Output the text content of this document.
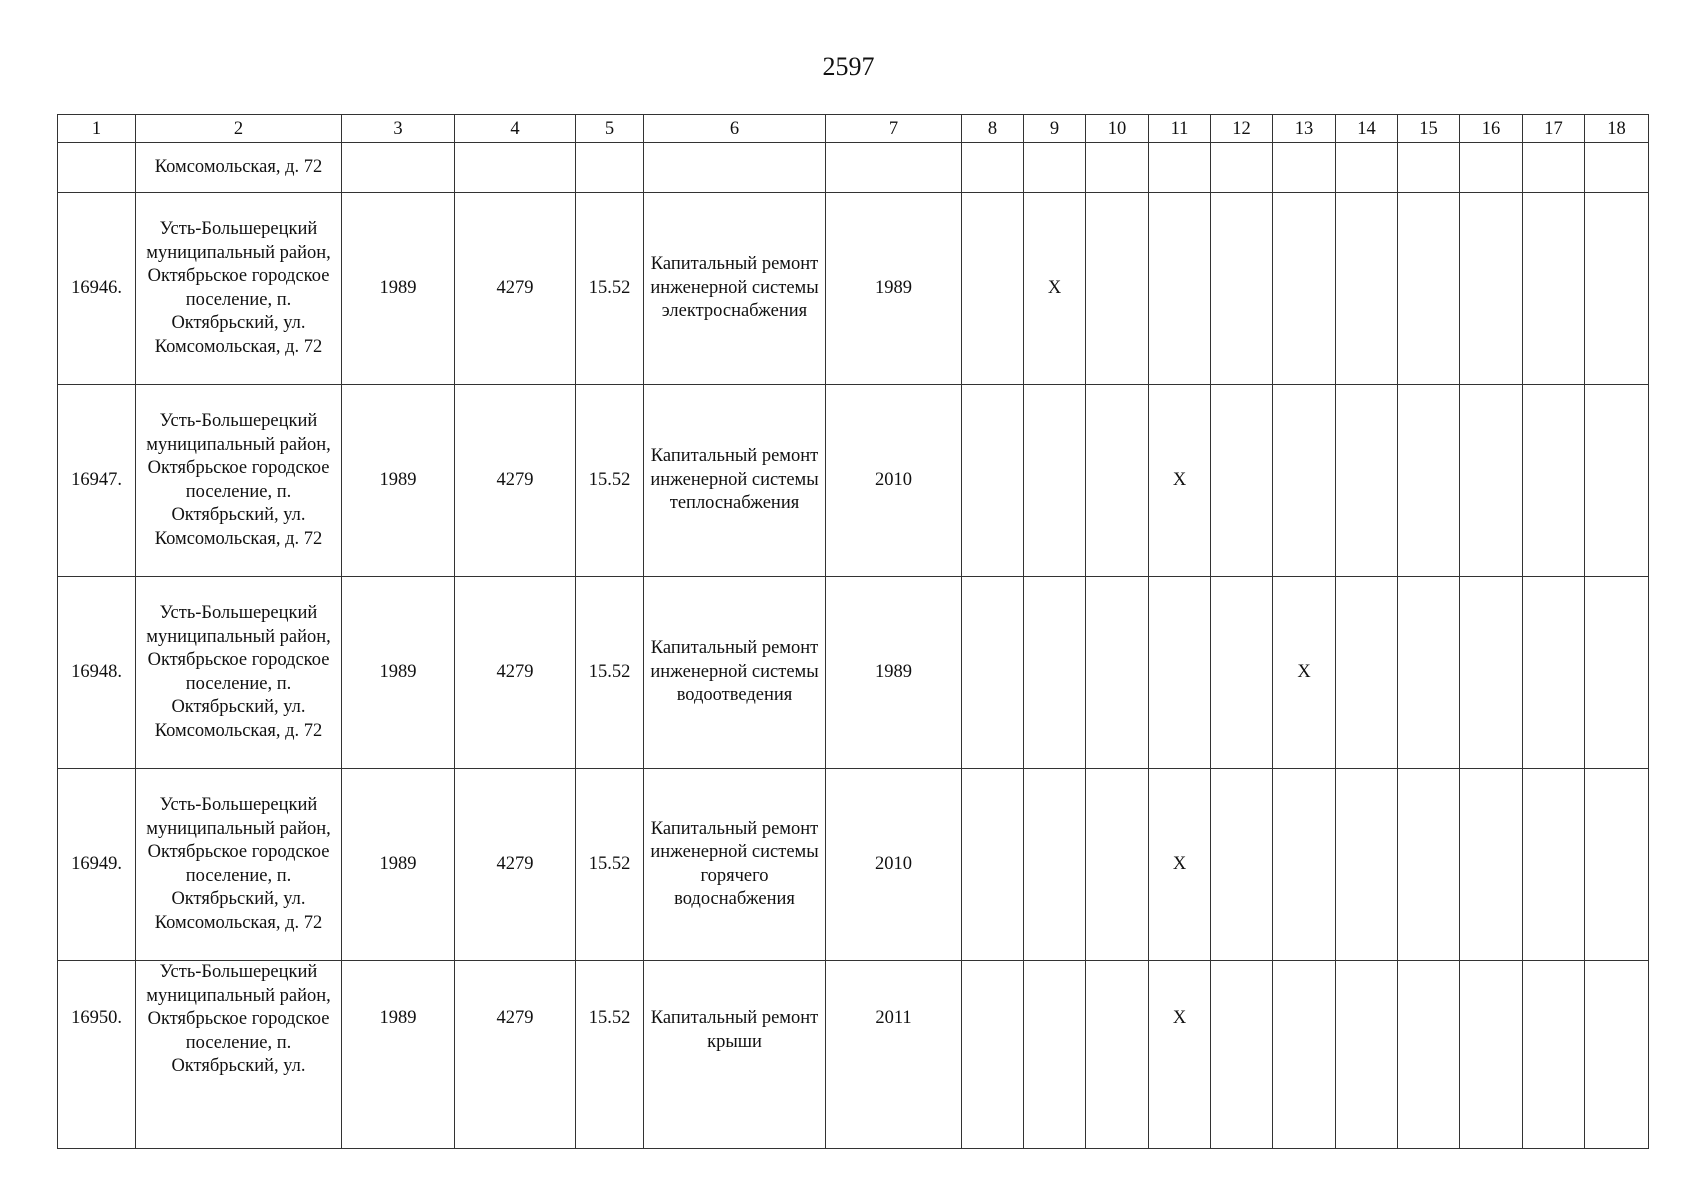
2597
1	2	3	4	5	6	7	8	9	10	11	12	13	14	15	16	17	18
	Комсомольская, д. 72																
16946.	Усть-Большерецкий муниципальный район, Октябрьское городское поселение, п. Октябрьский, ул. Комсомольская, д. 72	1989	4279	15.52	Капитальный ремонт инженерной системы электроснабжения	1989		X									
16947.	Усть-Большерецкий муниципальный район, Октябрьское городское поселение, п. Октябрьский, ул. Комсомольская, д. 72	1989	4279	15.52	Капитальный ремонт инженерной системы теплоснабжения	2010				X							
16948.	Усть-Большерецкий муниципальный район, Октябрьское городское поселение, п. Октябрьский, ул. Комсомольская, д. 72	1989	4279	15.52	Капитальный ремонт инженерной системы водоотведения	1989						X					
16949.	Усть-Большерецкий муниципальный район, Октябрьское городское поселение, п. Октябрьский, ул. Комсомольская, д. 72	1989	4279	15.52	Капитальный ремонт инженерной системы горячего водоснабжения	2010				X							
16950.	Усть-Большерецкий муниципальный район, Октябрьское городское поселение, п. Октябрьский, ул.	1989	4279	15.52	Капитальный ремонт крыши	2011				X							
